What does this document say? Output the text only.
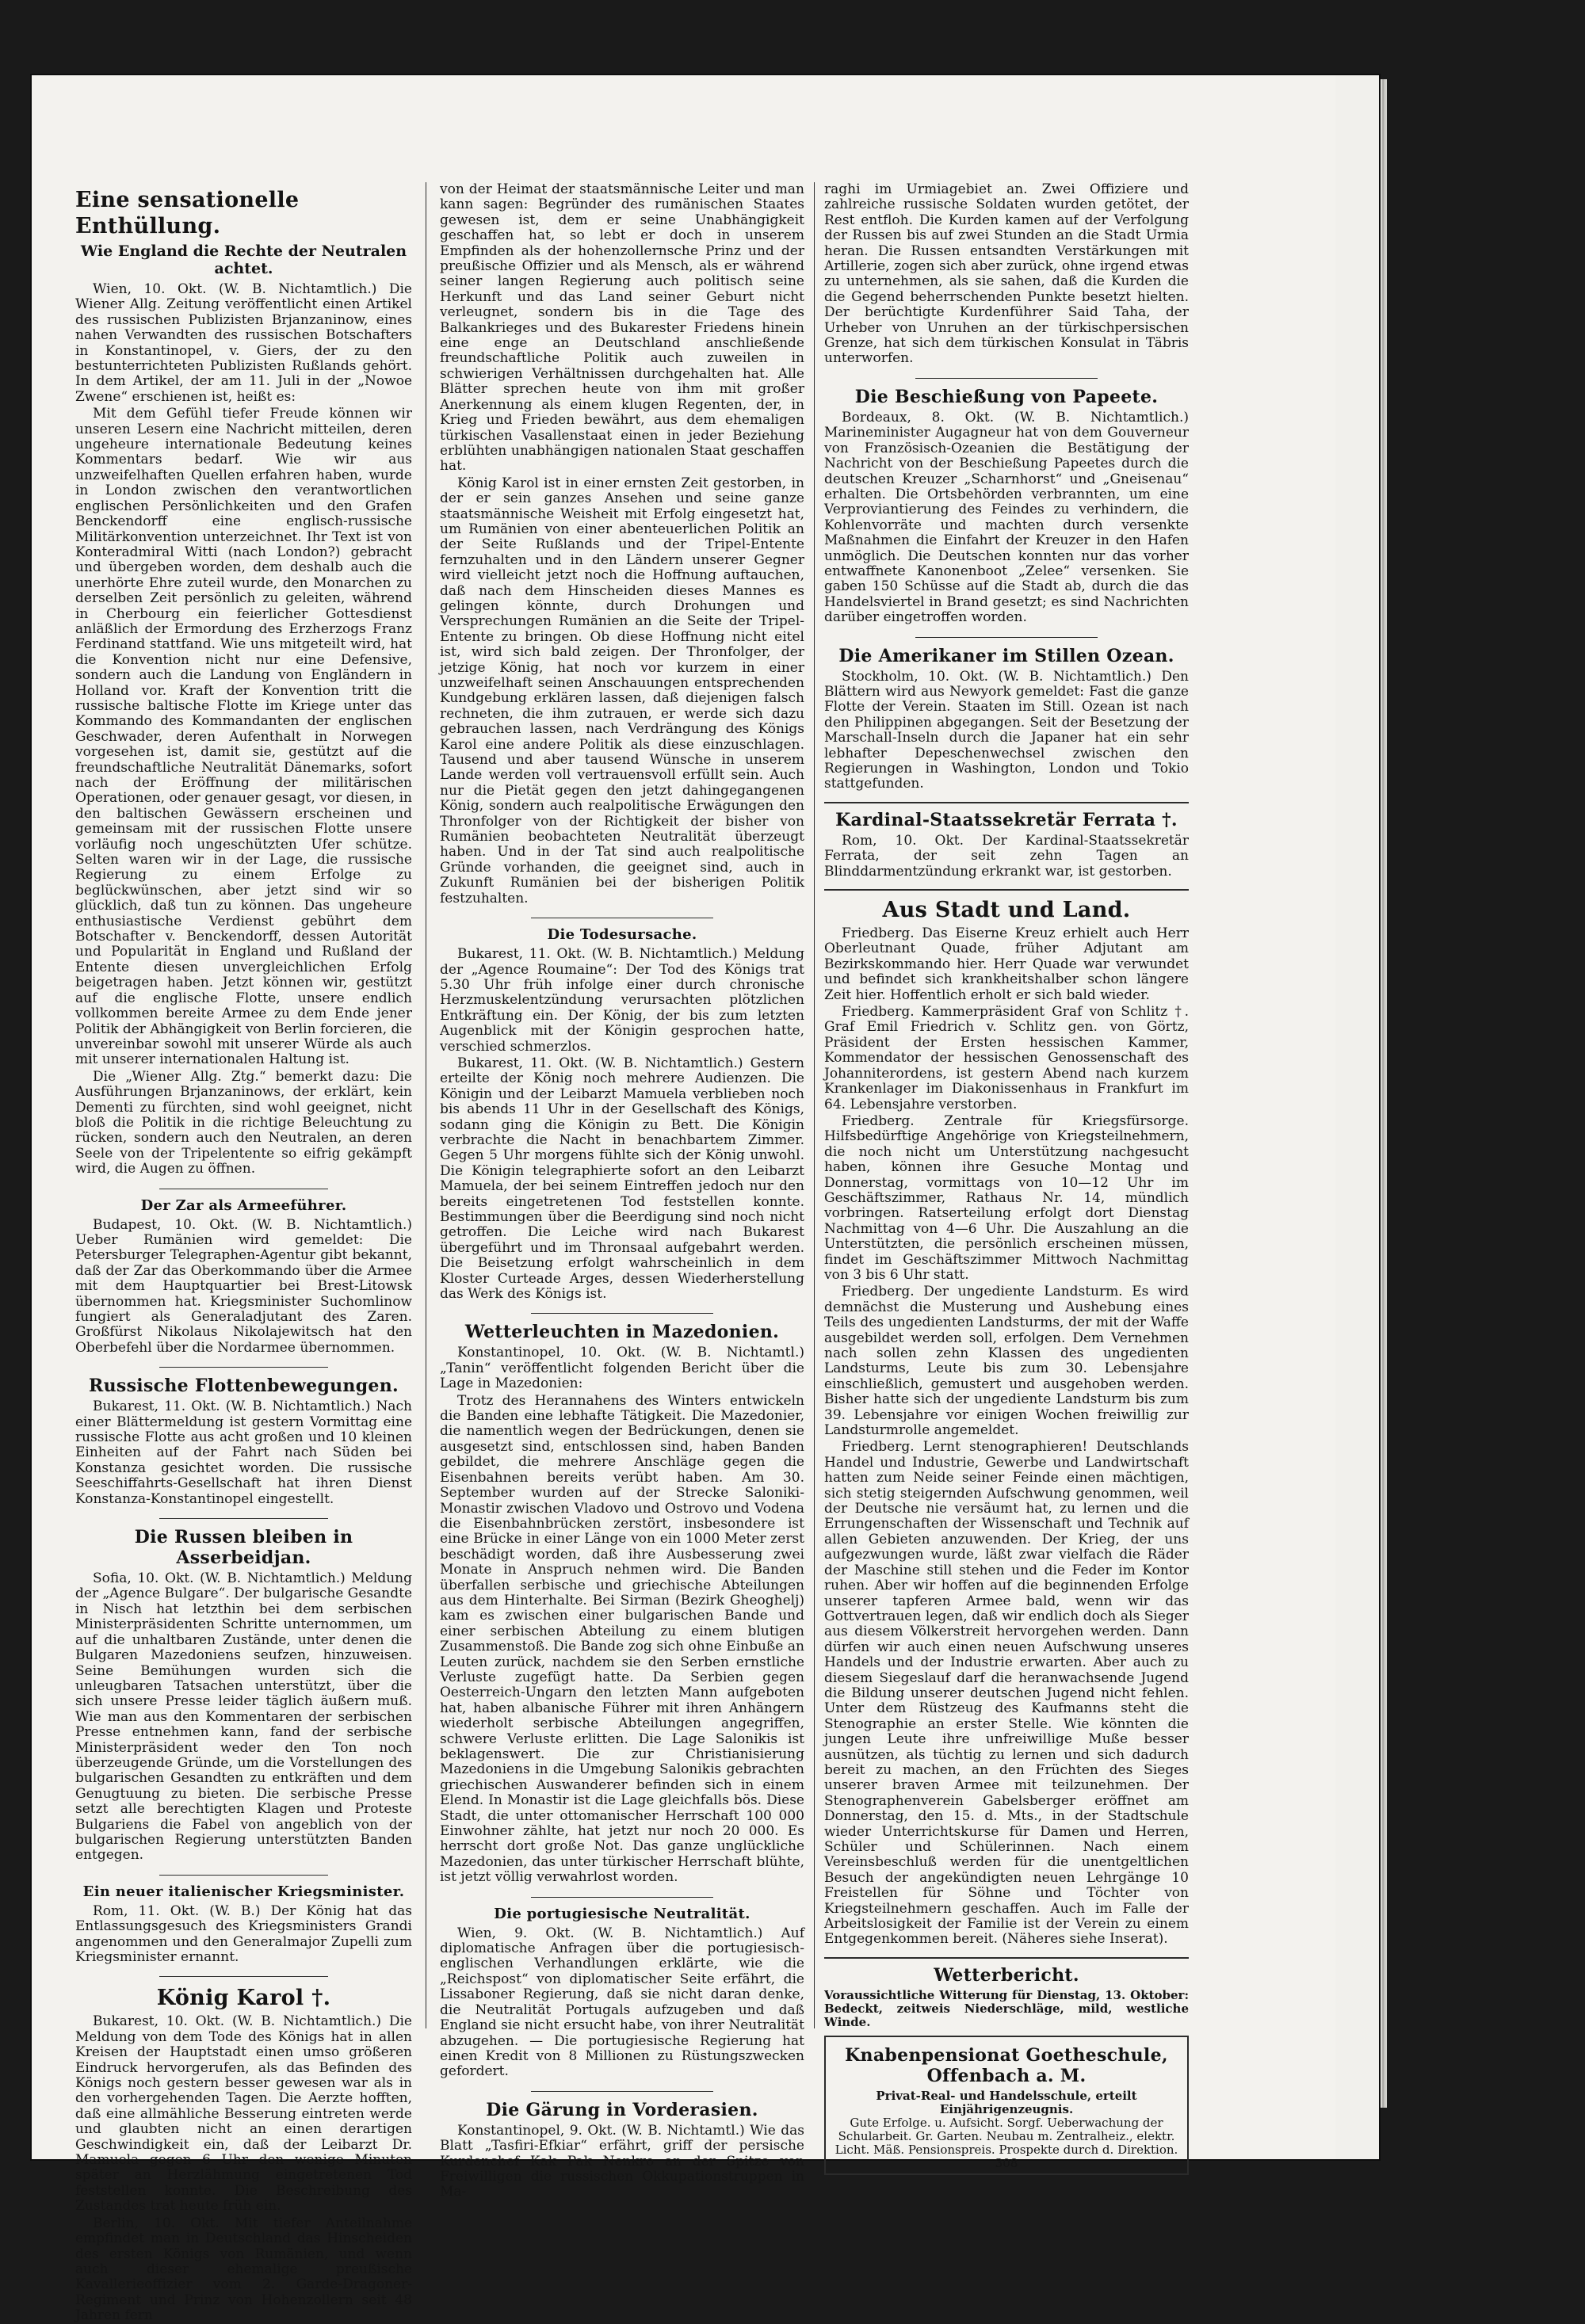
Eine sensationelle Enthüllung.
Wie England die Rechte der Neutralen achtet.

Wien, 10. Okt. (W. B. Nichtamtlich.) Die Wiener Allg. Zeitung veröffentlicht einen Artikel des russischen Publizisten Brjanzaninow, eines nahen Verwandten des russischen Botschafters in Konstantinopel, v. Giers, der zu den bestunterrichteten Publizisten Rußlands gehört. In dem Artikel, der am 11. Juli in der „Nowoe Zwene“ erschienen ist, heißt es:

Mit dem Gefühl tiefer Freude können wir unseren Lesern eine Nachricht mitteilen, deren ungeheure internationale Bedeutung keines Kommentars bedarf. Wie wir aus unzweifelhaften Quellen erfahren haben, wurde in London zwischen den verantwortlichen englischen Persönlichkeiten und den Grafen Benckendorff eine englisch-russische Militärkonvention unterzeichnet. Ihr Text ist von Konteradmiral Witti (nach London?) gebracht und übergeben worden, dem deshalb auch die unerhörte Ehre zuteil wurde, den Monarchen zu derselben Zeit persönlich zu geleiten, während in Cherbourg ein feierlicher Gottesdienst anläßlich der Ermordung des Erzherzogs Franz Ferdinand stattfand. Wie uns mitgeteilt wird, hat die Konvention nicht nur eine Defensive, sondern auch die Landung von Engländern in Holland vor. Kraft der Konvention tritt die russische baltische Flotte im Kriege unter das Kommando des Kommandanten der englischen Geschwader, deren Aufenthalt in Norwegen vorgesehen ist, damit sie, gestützt auf die freundschaftliche Neutralität Dänemarks, sofort nach der Eröffnung der militärischen Operationen, oder genauer gesagt, vor diesen, in den baltischen Gewässern erscheinen und gemeinsam mit der russischen Flotte unsere vorläufig noch ungeschützten Ufer schütze. Selten waren wir in der Lage, die russische Regierung zu einem Erfolge zu beglückwünschen, aber jetzt sind wir so glücklich, daß tun zu können. Das ungeheure enthusiastische Verdienst gebührt dem Botschafter v. Benckendorff, dessen Autorität und Popularität in England und Rußland der Entente diesen unvergleichlichen Erfolg beigetragen haben. Jetzt können wir, gestützt auf die englische Flotte, unsere endlich vollkommen bereite Armee zu dem Ende jener Politik der Abhängigkeit von Berlin forcieren, die unvereinbar sowohl mit unserer Würde als auch mit unserer internationalen Haltung ist.

Die „Wiener Allg. Ztg.“ bemerkt dazu: Die Ausführungen Brjanzaninows, der erklärt, kein Dementi zu fürchten, sind wohl geeignet, nicht bloß die Politik in die richtige Beleuchtung zu rücken, sondern auch den Neutralen, an deren Seele von der Tripelentente so eifrig gekämpft wird, die Augen zu öffnen.

Der Zar als Armeeführer.

Budapest, 10. Okt. (W. B. Nichtamtlich.) Ueber Rumänien wird gemeldet: Die Petersburger Telegraphen-Agentur gibt bekannt, daß der Zar das Oberkommando über die Armee mit dem Hauptquartier bei Brest-Litowsk übernommen hat. Kriegsminister Suchomlinow fungiert als Generaladjutant des Zaren. Großfürst Nikolaus Nikolajewitsch hat den Oberbefehl über die Nordarmee übernommen.

Russische Flottenbewegungen.

Bukarest, 11. Okt. (W. B. Nichtamtlich.) Nach einer Blättermeldung ist gestern Vormittag eine russische Flotte aus acht großen und 10 kleinen Einheiten auf der Fahrt nach Süden bei Konstanza gesichtet worden. Die russische Seeschiffahrts-Gesellschaft hat ihren Dienst Konstanza-Konstantinopel eingestellt.

Die Russen bleiben in Asserbeidjan.

Sofia, 10. Okt. (W. B. Nichtamtlich.) Meldung der „Agence Bulgare“. Der bulgarische Gesandte in Nisch hat letzthin bei dem serbischen Ministerpräsidenten Schritte unternommen, um auf die unhaltbaren Zustände, unter denen die Bulgaren Mazedoniens seufzen, hinzuweisen. Seine Bemühungen wurden sich die unleugbaren Tatsachen unterstützt, über die sich unsere Presse leider täglich äußern muß. Wie man aus den Kommentaren der serbischen Presse entnehmen kann, fand der serbische Ministerpräsident weder den Ton noch überzeugende Gründe, um die Vorstellungen des bulgarischen Gesandten zu entkräften und dem Genugtuung zu bieten. Die serbische Presse setzt alle berechtigten Klagen und Proteste Bulgariens die Fabel von angeblich von der bulgarischen Regierung unterstützten Banden entgegen.

Ein neuer italienischer Kriegsminister.

Rom, 11. Okt. (W. B.) Der König hat das Entlassungsgesuch des Kriegsministers Grandi angenommen und den Generalmajor Zupelli zum Kriegsminister ernannt.

König Karol †.

Bukarest, 10. Okt. (W. B. Nichtamtlich.) Die Meldung von dem Tode des Königs hat in allen Kreisen der Hauptstadt einen umso größeren Eindruck hervorgerufen, als das Befinden des Königs noch gestern besser gewesen war als in den vorhergehenden Tagen. Die Aerzte hofften, daß eine allmähliche Besserung eintreten werde und glaubten nicht an einen derartigen Geschwindigkeit ein, daß der Leibarzt Dr. Mamuela gegen 6 Uhr den wenige Minuten später an Herzlähmung eingetretenen Tod feststellen konnte. Die Beschreibung des Zustandes trat heute früh ein.

Berlin, 10. Okt. Mit tiefer Anteilnahme empfindet man in Deutschland das Hinscheiden des ersten Königs von Rumänien, und wenn auch dieser ehemalige preußische Kavallerieoffizier vom 2. Garde-Dragoner-Regiment und Prinz von Hohenzollern seit 48 Jahren fern

von der Heimat der staatsmännische Leiter und man kann sagen: Begründer des rumänischen Staates gewesen ist, dem er seine Unabhängigkeit geschaffen hat, so lebt er doch in unserem Empfinden als der hohenzollernsche Prinz und der preußische Offizier und als Mensch, als er während seiner langen Regierung auch politisch seine Herkunft und das Land seiner Geburt nicht verleugnet, sondern bis in die Tage des Balkankrieges und des Bukarester Friedens hinein eine enge an Deutschland anschließende freundschaftliche Politik auch zuweilen in schwierigen Verhältnissen durchgehalten hat. Alle Blätter sprechen heute von ihm mit großer Anerkennung als einem klugen Regenten, der, in Krieg und Frieden bewährt, aus dem ehemaligen türkischen Vasallenstaat einen in jeder Beziehung erblühten unabhängigen nationalen Staat geschaffen hat.

König Karol ist in einer ernsten Zeit gestorben, in der er sein ganzes Ansehen und seine ganze staatsmännische Weisheit mit Erfolg eingesetzt hat, um Rumänien von einer abenteuerlichen Politik an der Seite Rußlands und der Tripel-Entente fernzuhalten und in den Ländern unserer Gegner wird vielleicht jetzt noch die Hoffnung auftauchen, daß nach dem Hinscheiden dieses Mannes es gelingen könnte, durch Drohungen und Versprechungen Rumänien an die Seite der Tripel-Entente zu bringen. Ob diese Hoffnung nicht eitel ist, wird sich bald zeigen. Der Thronfolger, der jetzige König, hat noch vor kurzem in einer unzweifelhaft seinen Anschauungen entsprechenden Kundgebung erklären lassen, daß diejenigen falsch rechneten, die ihm zutrauen, er werde sich dazu gebrauchen lassen, nach Verdrängung des Königs Karol eine andere Politik als diese einzuschlagen. Tausend und aber tausend Wünsche in unserem Lande werden voll vertrauensvoll erfüllt sein. Auch nur die Pietät gegen den jetzt dahingegangenen König, sondern auch realpolitische Erwägungen den Thronfolger von der Richtigkeit der bisher von Rumänien beobachteten Neutralität überzeugt haben. Und in der Tat sind auch realpolitische Gründe vorhanden, die geeignet sind, auch in Zukunft Rumänien bei der bisherigen Politik festzuhalten.

Die Todesursache.

Bukarest, 11. Okt. (W. B. Nichtamtlich.) Meldung der „Agence Roumaine“: Der Tod des Königs trat 5.30 Uhr früh infolge einer durch chronische Herzmuskelentzündung verursachten plötzlichen Entkräftung ein. Der König, der bis zum letzten Augenblick mit der Königin gesprochen hatte, verschied schmerzlos.

Bukarest, 11. Okt. (W. B. Nichtamtlich.) Gestern erteilte der König noch mehrere Audienzen. Die Königin und der Leibarzt Mamuela verblieben noch bis abends 11 Uhr in der Gesellschaft des Königs, sodann ging die Königin zu Bett. Die Königin verbrachte die Nacht in benachbartem Zimmer. Gegen 5 Uhr morgens fühlte sich der König unwohl. Die Königin telegraphierte sofort an den Leibarzt Mamuela, der bei seinem Eintreffen jedoch nur den bereits eingetretenen Tod feststellen konnte. Bestimmungen über die Beerdigung sind noch nicht getroffen. Die Leiche wird nach Bukarest übergeführt und im Thronsaal aufgebahrt werden. Die Beisetzung erfolgt wahrscheinlich in dem Kloster Curteade Arges, dessen Wiederherstellung das Werk des Königs ist.

Wetterleuchten in Mazedonien.

Konstantinopel, 10. Okt. (W. B. Nichtamtl.) „Tanin“ veröffentlicht folgenden Bericht über die Lage in Mazedonien:

Trotz des Herannahens des Winters entwickeln die Banden eine lebhafte Tätigkeit. Die Mazedonier, die namentlich wegen der Bedrückungen, denen sie ausgesetzt sind, entschlossen sind, haben Banden gebildet, die mehrere Anschläge gegen die Eisenbahnen bereits verübt haben. Am 30. September wurden auf der Strecke Saloniki-Monastir zwischen Vladovo und Ostrovo und Vodena die Eisenbahnbrücken zerstört, insbesondere ist eine Brücke in einer Länge von ein 1000 Meter zerst beschädigt worden, daß ihre Ausbesserung zwei Monate in Anspruch nehmen wird. Die Banden überfallen serbische und griechische Abteilungen aus dem Hinterhalte. Bei Sirman (Bezirk Gheoghelj) kam es zwischen einer bulgarischen Bande und einer serbischen Abteilung zu einem blutigen Zusammenstoß. Die Bande zog sich ohne Einbuße an Leuten zurück, nachdem sie den Serben ernstliche Verluste zugefügt hatte. Da Serbien gegen Oesterreich-Ungarn den letzten Mann aufgeboten hat, haben albanische Führer mit ihren Anhängern wiederholt serbische Abteilungen angegriffen, schwere Verluste erlitten. Die Lage Salonikis ist beklagenswert. Die zur Christianisierung Mazedoniens in die Umgebung Salonikis gebrachten griechischen Auswanderer befinden sich in einem Elend. In Monastir ist die Lage gleichfalls bös. Diese Stadt, die unter ottomanischer Herrschaft 100 000 Einwohner zählte, hat jetzt nur noch 20 000. Es herrscht dort große Not. Das ganze unglückliche Mazedonien, das unter türkischer Herrschaft blühte, ist jetzt völlig verwahrlost worden.

Die portugiesische Neutralität.

Wien, 9. Okt. (W. B. Nichtamtlich.) Auf diplomatische Anfragen über die portugiesisch-englischen Verhandlungen erklärte, wie die „Reichspost“ von diplomatischer Seite erfährt, die Lissaboner Regierung, daß sie nicht daran denke, die Neutralität Portugals aufzugeben und daß England sie nicht ersucht habe, von ihrer Neutralität abzugehen. — Die portugiesische Regierung hat einen Kredit von 8 Millionen zu Rüstungszwecken gefordert.

Die Gärung in Vorderasien.

Konstantinopel, 9. Okt. (W. B. Nichtamtl.) Wie das Blatt „Tasfiri-Efkiar“ erfährt, griff der persische Kurdenchef Kak Pak Nenkro an der Spitze von Freiwilligen die russischen Okkupationstruppen in Ma-

raghi im Urmiagebiet an. Zwei Offiziere und zahlreiche russische Soldaten wurden getötet, der Rest entfloh. Die Kurden kamen auf der Verfolgung der Russen bis auf zwei Stunden an die Stadt Urmia heran. Die Russen entsandten Verstärkungen mit Artillerie, zogen sich aber zurück, ohne irgend etwas zu unternehmen, als sie sahen, daß die Kurden die die Gegend beherrschenden Punkte besetzt hielten. Der berüchtigte Kurdenführer Said Taha, der Urheber von Unruhen an der türkischpersischen Grenze, hat sich dem türkischen Konsulat in Täbris unterworfen.

Die Beschießung von Papeete.

Bordeaux, 8. Okt. (W. B. Nichtamtlich.) Marineminister Augagneur hat von dem Gouverneur von Französisch-Ozeanien die Bestätigung der Nachricht von der Beschießung Papeetes durch die deutschen Kreuzer „Scharnhorst“ und „Gneisenau“ erhalten. Die Ortsbehörden verbrannten, um eine Verproviantierung des Feindes zu verhindern, die Kohlenvorräte und machten durch versenkte Maßnahmen die Einfahrt der Kreuzer in den Hafen unmöglich. Die Deutschen konnten nur das vorher entwaffnete Kanonenboot „Zelee“ versenken. Sie gaben 150 Schüsse auf die Stadt ab, durch die das Handelsviertel in Brand gesetzt; es sind Nachrichten darüber eingetroffen worden.

Die Amerikaner im Stillen Ozean.

Stockholm, 10. Okt. (W. B. Nichtamtlich.) Den Blättern wird aus Newyork gemeldet: Fast die ganze Flotte der Verein. Staaten im Still. Ozean ist nach den Philippinen abgegangen. Seit der Besetzung der Marschall-Inseln durch die Japaner hat ein sehr lebhafter Depeschenwechsel zwischen den Regierungen in Washington, London und Tokio stattgefunden.

Kardinal-Staatssekretär Ferrata †.

Rom, 10. Okt. Der Kardinal-Staatssekretär Ferrata, der seit zehn Tagen an Blinddarmentzündung erkrankt war, ist gestorben.

Aus Stadt und Land.

Friedberg. Das Eiserne Kreuz erhielt auch Herr Oberleutnant Quade, früher Adjutant am Bezirkskommando hier. Herr Quade war verwundet und befindet sich krankheitshalber schon längere Zeit hier. Hoffentlich erholt er sich bald wieder.

Friedberg. Kammerpräsident Graf von Schlitz †. Graf Emil Friedrich v. Schlitz gen. von Görtz, Präsident der Ersten hessischen Kammer, Kommendator der hessischen Genossenschaft des Johanniterordens, ist gestern Abend nach kurzem Krankenlager im Diakonissenhaus in Frankfurt im 64. Lebensjahre verstorben.

Friedberg. Zentrale für Kriegsfürsorge. Hilfsbedürftige Angehörige von Kriegsteilnehmern, die noch nicht um Unterstützung nachgesucht haben, können ihre Gesuche Montag und Donnerstag, vormittags von 10—12 Uhr im Geschäftszimmer, Rathaus Nr. 14, mündlich vorbringen. Ratserteilung erfolgt dort Dienstag Nachmittag von 4—6 Uhr. Die Auszahlung an die Unterstützten, die persönlich erscheinen müssen, findet im Geschäftszimmer Mittwoch Nachmittag von 3 bis 6 Uhr statt.

Friedberg. Der ungediente Landsturm. Es wird demnächst die Musterung und Aushebung eines Teils des ungedienten Landsturms, der mit der Waffe ausgebildet werden soll, erfolgen. Dem Vernehmen nach sollen zehn Klassen des ungedienten Landsturms, Leute bis zum 30. Lebensjahre einschließlich, gemustert und ausgehoben werden. Bisher hatte sich der ungediente Landsturm bis zum 39. Lebensjahre vor einigen Wochen freiwillig zur Landsturmrolle angemeldet.

Friedberg. Lernt stenographieren! Deutschlands Handel und Industrie, Gewerbe und Landwirtschaft hatten zum Neide seiner Feinde einen mächtigen, sich stetig steigernden Aufschwung genommen, weil der Deutsche nie versäumt hat, zu lernen und die Errungenschaften der Wissenschaft und Technik auf allen Gebieten anzuwenden. Der Krieg, der uns aufgezwungen wurde, läßt zwar vielfach die Räder der Maschine still stehen und die Feder im Kontor ruhen. Aber wir hoffen auf die beginnenden Erfolge unserer tapferen Armee bald, wenn wir das Gottvertrauen legen, daß wir endlich doch als Sieger aus diesem Völkerstreit hervorgehen werden. Dann dürfen wir auch einen neuen Aufschwung unseres Handels und der Industrie erwarten. Aber auch zu diesem Siegeslauf darf die heranwachsende Jugend die Bildung unserer deutschen Jugend nicht fehlen. Unter dem Rüstzeug des Kaufmanns steht die Stenographie an erster Stelle. Wie könnten die jungen Leute ihre unfreiwillige Muße besser ausnützen, als tüchtig zu lernen und sich dadurch bereit zu machen, an den Früchten des Sieges unserer braven Armee mit teilzunehmen. Der Stenographenverein Gabelsberger eröffnet am Donnerstag, den 15. d. Mts., in der Stadtschule wieder Unterrichtskurse für Damen und Herren, Schüler und Schülerinnen. Nach einem Vereinsbeschluß werden für die unentgeltlichen Besuch der angekündigten neuen Lehrgänge 10 Freistellen für Söhne und Töchter von Kriegsteilnehmern geschaffen. Auch im Falle der Arbeitslosigkeit der Familie ist der Verein zu einem Entgegenkommen bereit. (Näheres siehe Inserat).

Wetterbericht.

Voraussichtliche Witterung für Dienstag, 13. Oktober: Bedeckt, zeitweis Niederschläge, mild, westliche Winde.

Knabenpensionat Goetheschule, Offenbach a. M.
Privat-Real- und Handelsschule, erteilt Einjährigenzeugnis.
Gute Erfolge. u. Aufsicht. Sorgf. Ueberwachung der Schularbeit. Gr. Garten. Neubau m. Zentralheiz., elektr. Licht. Mäß. Pensionspreis. Prospekte durch d. Direktion. 308
